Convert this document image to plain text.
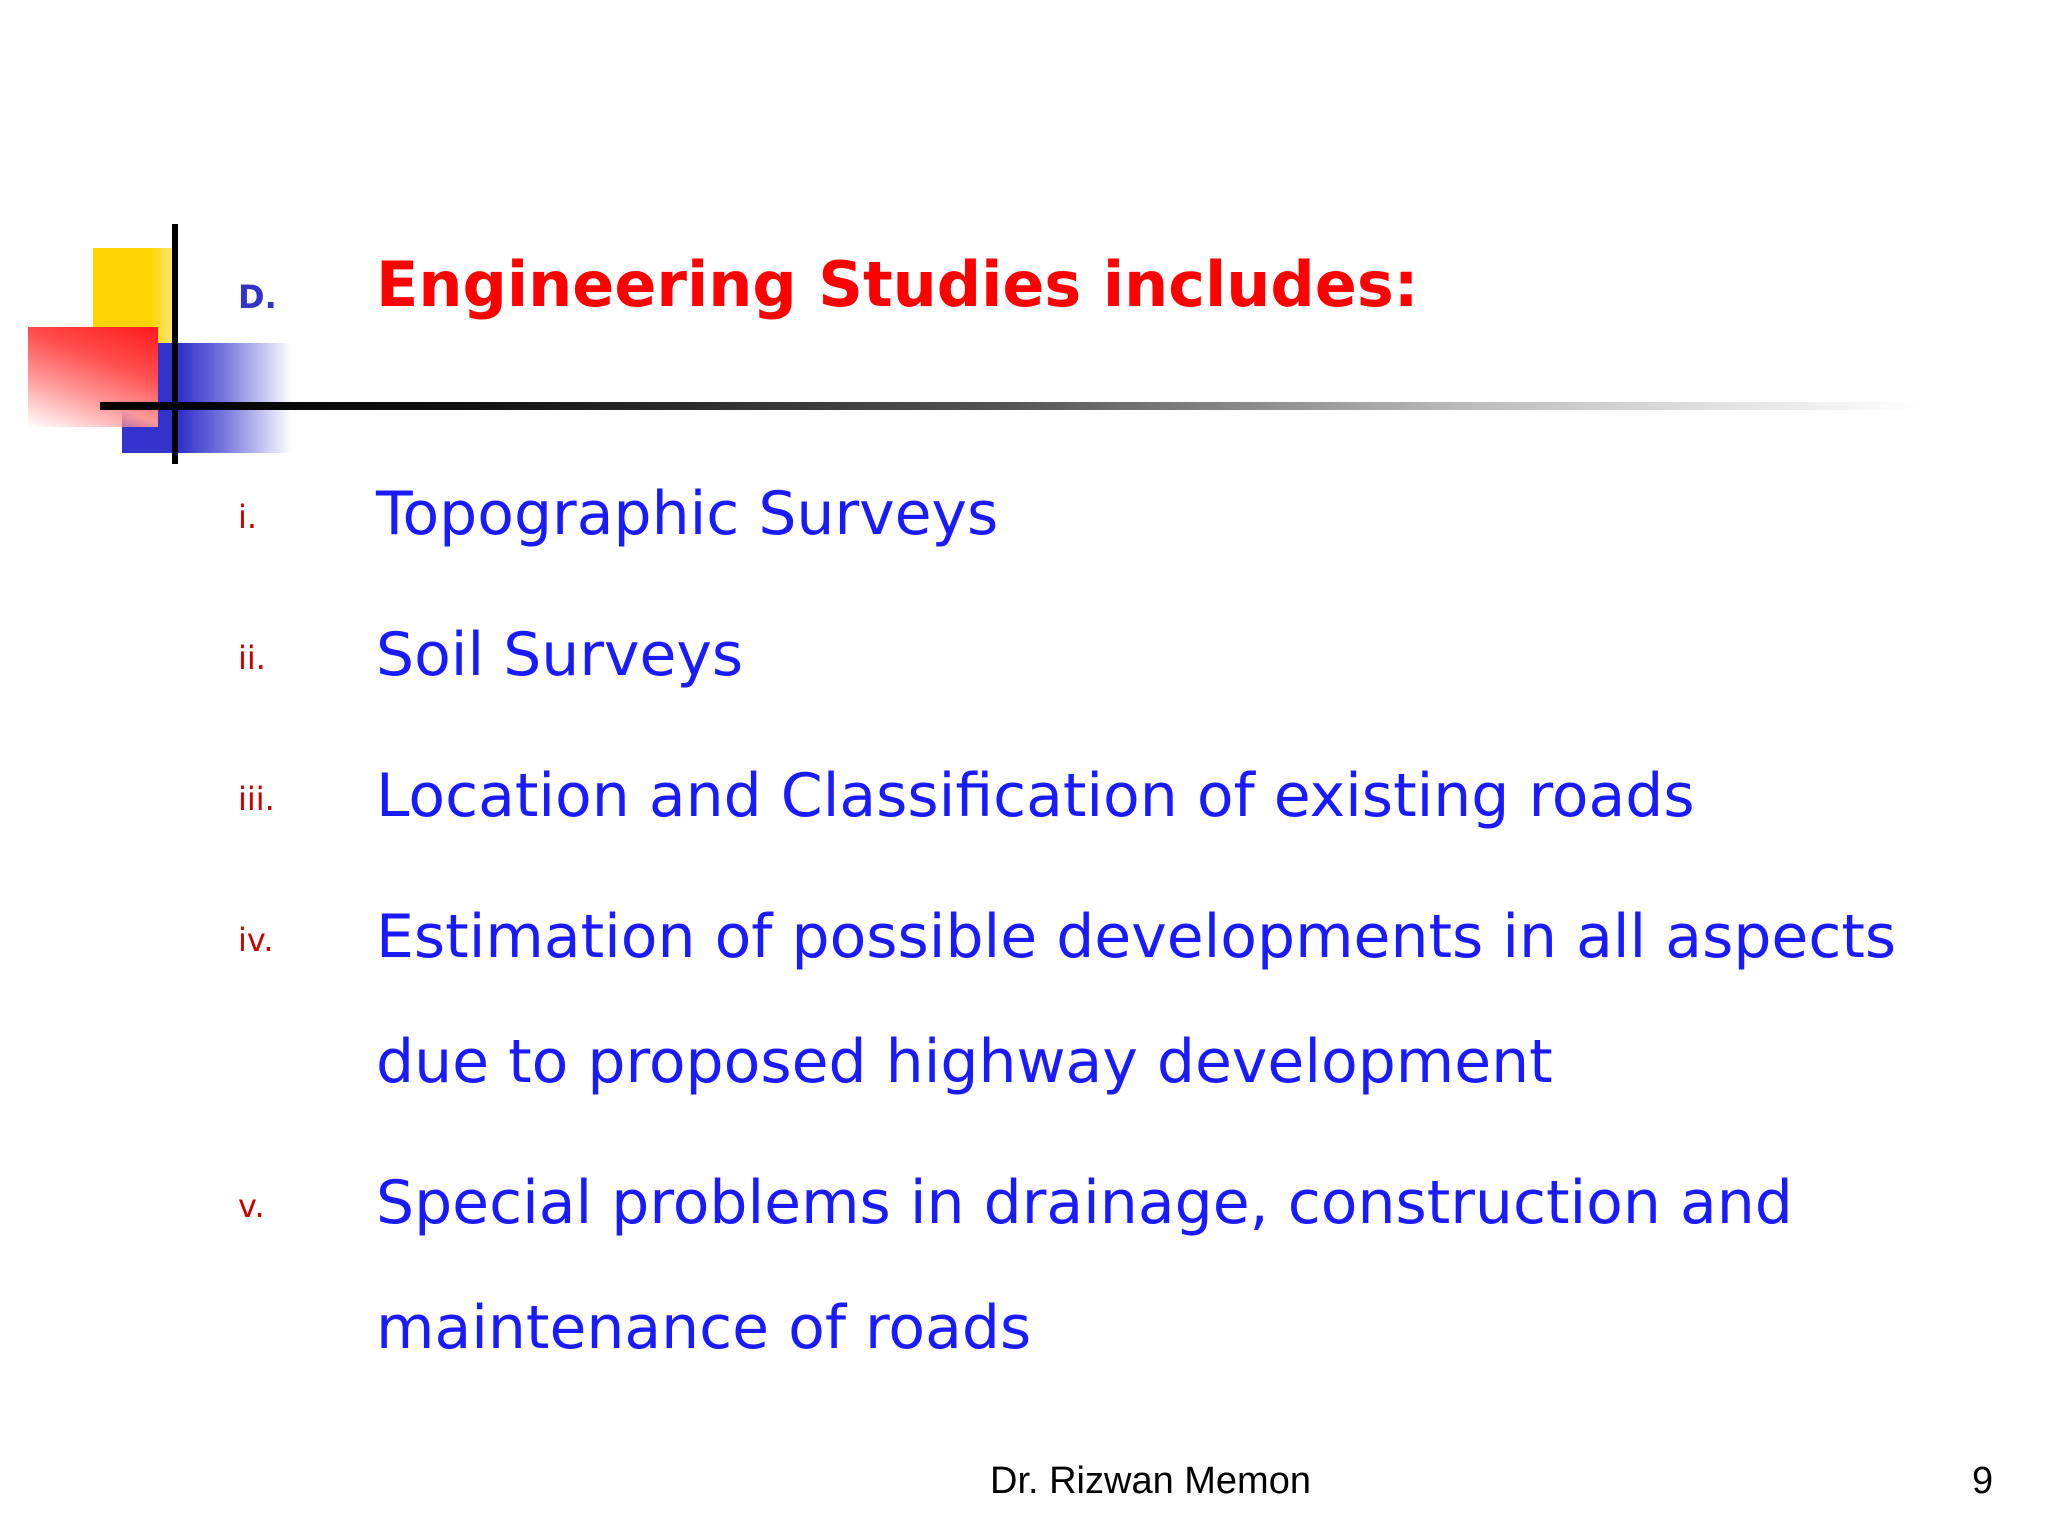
D. Engineering Studies includes:
i. Topographic Surveys
ii. Soil Surveys
iii. Location and Classification of existing roads
iv. Estimation of possible developments in all aspects due to proposed highway development
v. Special problems in drainage, construction and maintenance of roads
Dr. Rizwan Memon	9
